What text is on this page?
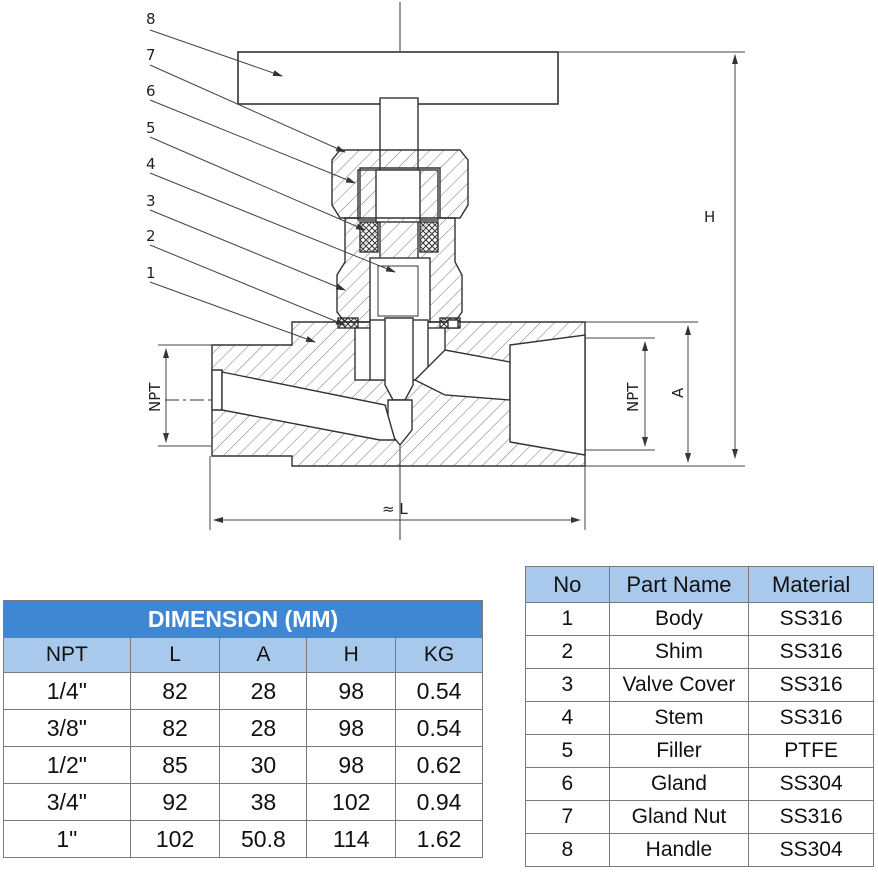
8
7
6
5
4
3
2
1
H
A
NPT
NPT
≈ L
DIMENSION (MM)				
NPT	L	A	H	KG
1/4"	82	28	98	0.54
3/8"	82	28	98	0.54
1/2"	85	30	98	0.62
3/4"	92	38	102	0.94
1"	102	50.8	114	1.62
No	Part Name	Material
1	Body	SS316
2	Shim	SS316
3	Valve Cover	SS316
4	Stem	SS316
5	Filler	PTFE
6	Gland	SS304
7	Gland Nut	SS316
8	Handle	SS304
